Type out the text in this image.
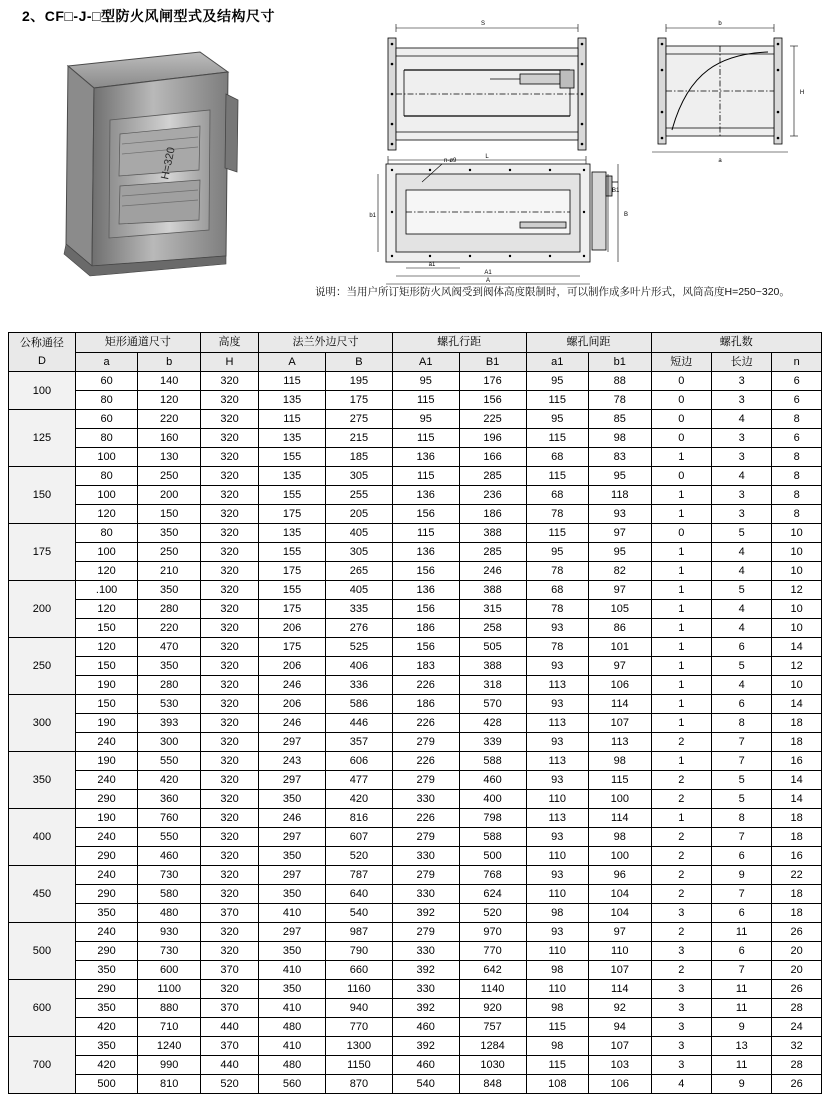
2、CF□-J-□型防火风闸型式及结构尺寸
H=320
S
L
b
H
a
n-ø9
b1	B
B1
a1
A1
A
说明：当用户所订矩形防火风阀受到阀体高度限制时，可以制作成多叶片形式，风筒高度H=250~320。
公称通径
D	矩形通道尺寸		高度	法兰外边尺寸		螺孔行距		螺孔间距		螺孔数		
	a	b	H	A	B	A1	B1	a1	b1	短边	长边	n
100	60	140	320	115	195	95	176	95	88	0	3	6
	80	120	320	135	175	115	156	115	78	0	3	6
125	60	220	320	115	275	95	225	95	85	0	4	8
	80	160	320	135	215	115	196	115	98	0	3	6
	100	130	320	155	185	136	166	68	83	1	3	8
150	80	250	320	135	305	115	285	115	95	0	4	8
	100	200	320	155	255	136	236	68	118	1	3	8
	120	150	320	175	205	156	186	78	93	1	3	8
175	80	350	320	135	405	115	388	115	97	0	5	10
	100	250	320	155	305	136	285	95	95	1	4	10
	120	210	320	175	265	156	246	78	82	1	4	10
200	.100	350	320	155	405	136	388	68	97	1	5	12
	120	280	320	175	335	156	315	78	105	1	4	10
	150	220	320	206	276	186	258	93	86	1	4	10
250	120	470	320	175	525	156	505	78	101	1	6	14
	150	350	320	206	406	183	388	93	97	1	5	12
	190	280	320	246	336	226	318	113	106	1	4	10
300	150	530	320	206	586	186	570	93	114	1	6	14
	190	393	320	246	446	226	428	113	107	1	8	18
	240	300	320	297	357	279	339	93	113	2	7	18
350	190	550	320	243	606	226	588	113	98	1	7	16
	240	420	320	297	477	279	460	93	115	2	5	14
	290	360	320	350	420	330	400	110	100	2	5	14
400	190	760	320	246	816	226	798	113	114	1	8	18
	240	550	320	297	607	279	588	93	98	2	7	18
	290	460	320	350	520	330	500	110	100	2	6	16
450	240	730	320	297	787	279	768	93	96	2	9	22
	290	580	320	350	640	330	624	110	104	2	7	18
	350	480	370	410	540	392	520	98	104	3	6	18
500	240	930	320	297	987	279	970	93	97	2	11	26
	290	730	320	350	790	330	770	110	110	3	6	20
	350	600	370	410	660	392	642	98	107	2	7	20
600	290	1100	320	350	1160	330	1140	110	114	3	11	26
	350	880	370	410	940	392	920	98	92	3	11	28
	420	710	440	480	770	460	757	115	94	3	9	24
700	350	1240	370	410	1300	392	1284	98	107	3	13	32
	420	990	440	480	1150	460	1030	115	103	3	11	28
	500	810	520	560	870	540	848	108	106	4	9	26
